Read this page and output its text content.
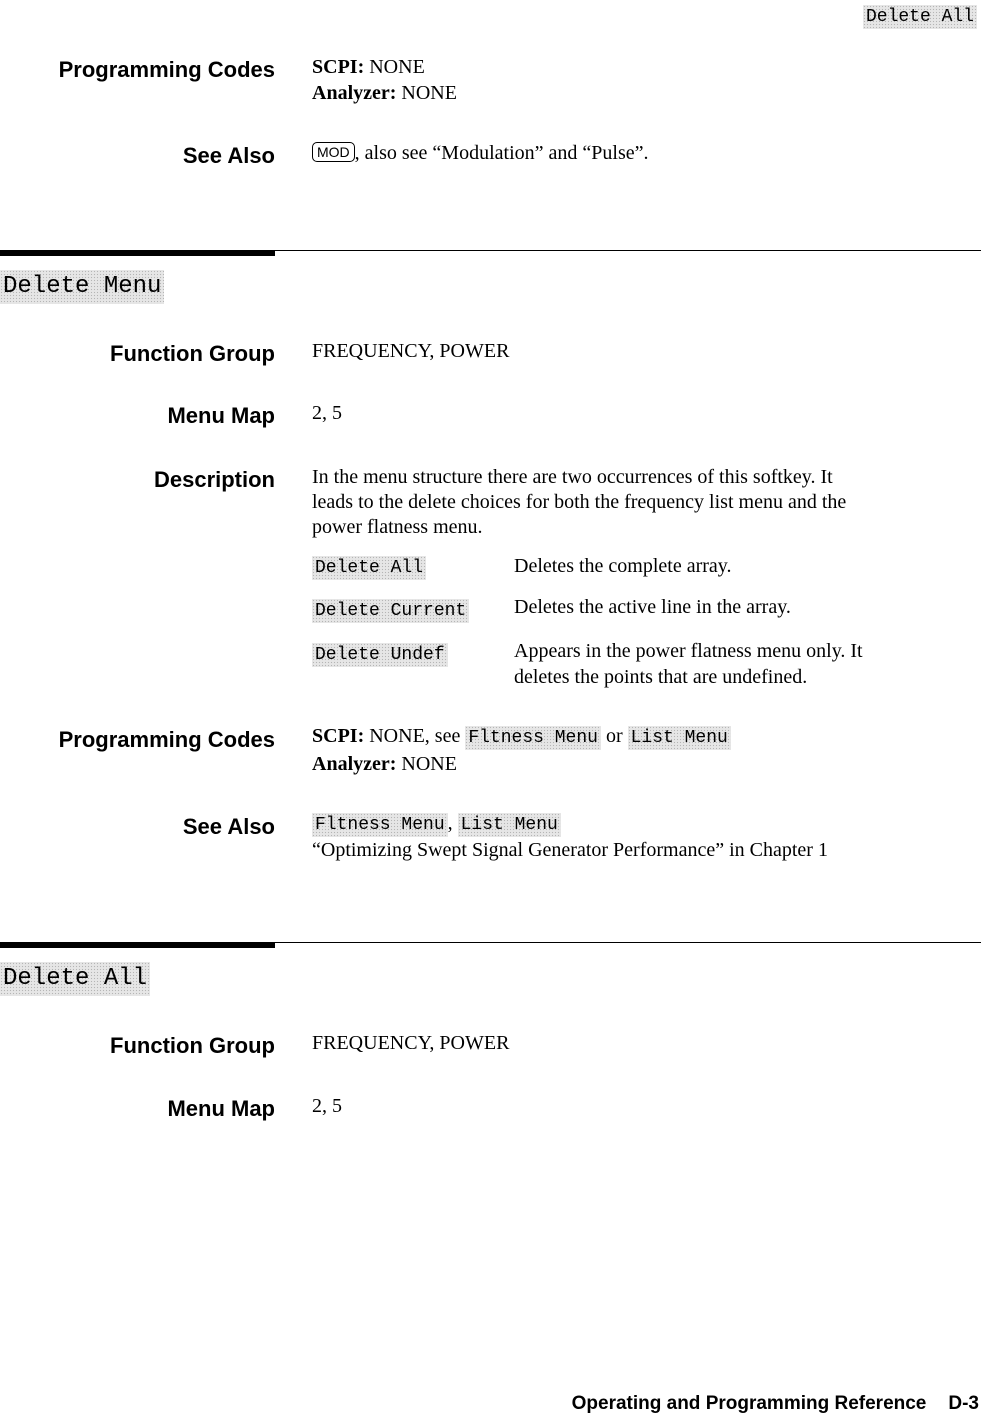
Delete All
Programming Codes SCPI: NONE
Analyzer: NONE
See Also	MOD , also see “Modulation” and “Pulse”.
Delete Menu
Function Group FREQUENCY, POWER
Menu Map 2, 5
Description In the menu structure there are two occurrences of this softkey. It
leads to the delete choices for both the frequency list menu and the
power flatness menu.
Delete All	Deletes the complete array.
Delete Current Deletes the active line in the array.
Delete Undef	Appears in the power flatness menu only. It
deletes the points that are undefined.
Programming Codes SCPI: NONE, see Fltness Menu or List Menu
Analyzer: NONE
See Also Fltness Menu , List Menu
“Optimizing Swept Signal Generator Performance” in Chapter 1
Delete All
Function Group FREQUENCY, POWER
Menu Map 2, 5
Operating and Programming Reference D-3
